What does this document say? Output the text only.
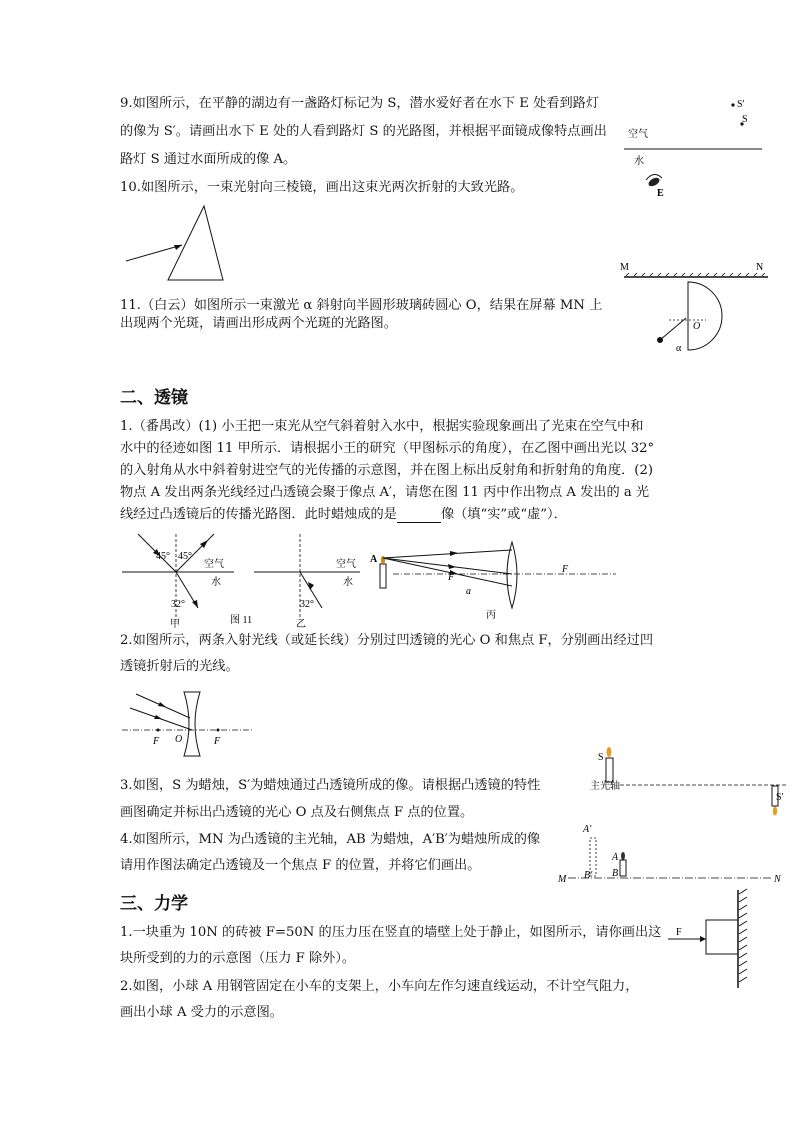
9.如图所示，在平静的湖边有一盏路灯标记为 S，潜水爱好者在水下 E 处看到路灯
的像为 S′。请画出水下 E 处的人看到路灯 S 的光路图，并根据平面镜成像特点画出
路灯 S 通过水面所成的像 A。
S′
S
空气
水
E
10.如图所示，一束光射向三棱镜，画出这束光两次折射的大致光路。
M	N
O
α
11.（白云）如图所示一束激光 α 斜射向半圆形玻璃砖圆心 O，结果在屏幕 MN 上
出现两个光斑，请画出形成两个光斑的光路图。
二、透镜
1.（番禺改）(1) 小王把一束光从空气斜着射入水中，根据实验现象画出了光束在空气中和
水中的径迹如图 11 甲所示．请根据小王的研究（甲图标示的角度），在乙图中画出光以 32°
的入射角从水中斜着射进空气的光传播的示意图，并在图上标出反射角和折射角的角度．(2)
物点 A 发出两条光线经过凸透镜会聚于像点 A′，请您在图 11 丙中作出物点 A 发出的 a 光
线经过凸透镜后的传播光路图．此时蜡烛成的是	像（填“实”或“虚”）．
45° 45°
空气
水
32°
甲	图 11
空气
水
32°
乙
A
F
a
F
丙
2.如图所示，两条入射光线（或延长线）分别过凹透镜的光心 O 和焦点 F，分别画出经过凹
透镜折射后的光线。
F O	F
3.如图，S 为蜡烛，S′为蜡烛通过凸透镜所成的像。请根据凸透镜的特性
画图确定并标出凸透镜的光心 O 点及右侧焦点 F 点的位置。
S
主光轴
S′
4.如图所示，MN 为凸透镜的主光轴，AB 为蜡烛，A′B′为蜡烛所成的像
请用作图法确定凸透镜及一个焦点 F 的位置，并将它们画出。
A′
A
B′ B
M	N
三、力学
1.一块重为 10N 的砖被 F=50N 的压力压在竖直的墙壁上处于静止，如图所示，请你画出这
块所受到的力的示意图（压力 F 除外）。
F
2.如图，小球 A 用钢管固定在小车的支架上，小车向左作匀速直线运动，不计空气阻力，
画出小球 A 受力的示意图。
